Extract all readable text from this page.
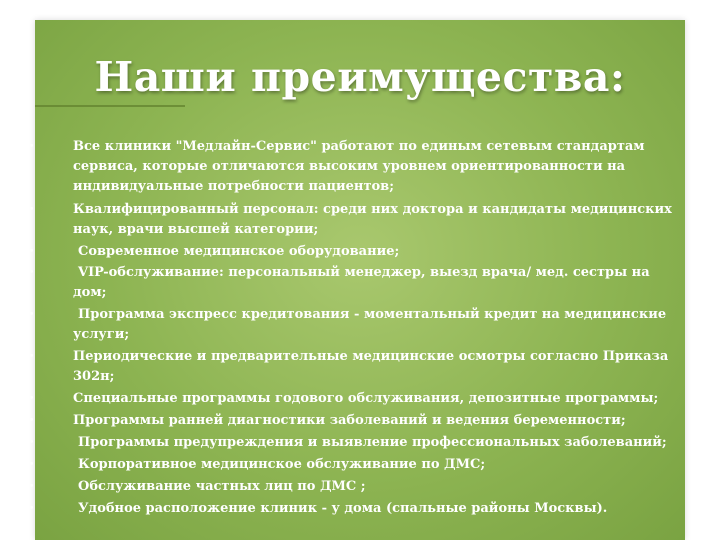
Наши преимущества:
•	Все клиники "Медлайн-Сервис" работают по единым сетевым стандартам сервиса, которые отличаются высоким уровнем ориентированности на индивидуальные потребности пациентов;
•	Квалифицированный персонал: среди них доктора и кандидаты медицинских наук, врачи высшей категории;
•	Современное медицинское оборудование;
•	VIP-обслуживание: персональный менеджер, выезд врача/ мед. сестры на дом;
•	Программа экспресс кредитования - моментальный кредит на медицинские услуги;
•	Периодические и предварительные медицинские осмотры согласно Приказа 302н;
•	Специальные программы годового обслуживания, депозитные программы;
•	Программы ранней диагностики заболеваний и ведения беременности;
•	Программы предупреждения и выявление профессиональных заболеваний;
•	Корпоративное медицинское обслуживание по ДМС;
•	Обслуживание частных лиц по ДМС ;
•	Удобное расположение клиник - у дома (спальные районы Москвы).
